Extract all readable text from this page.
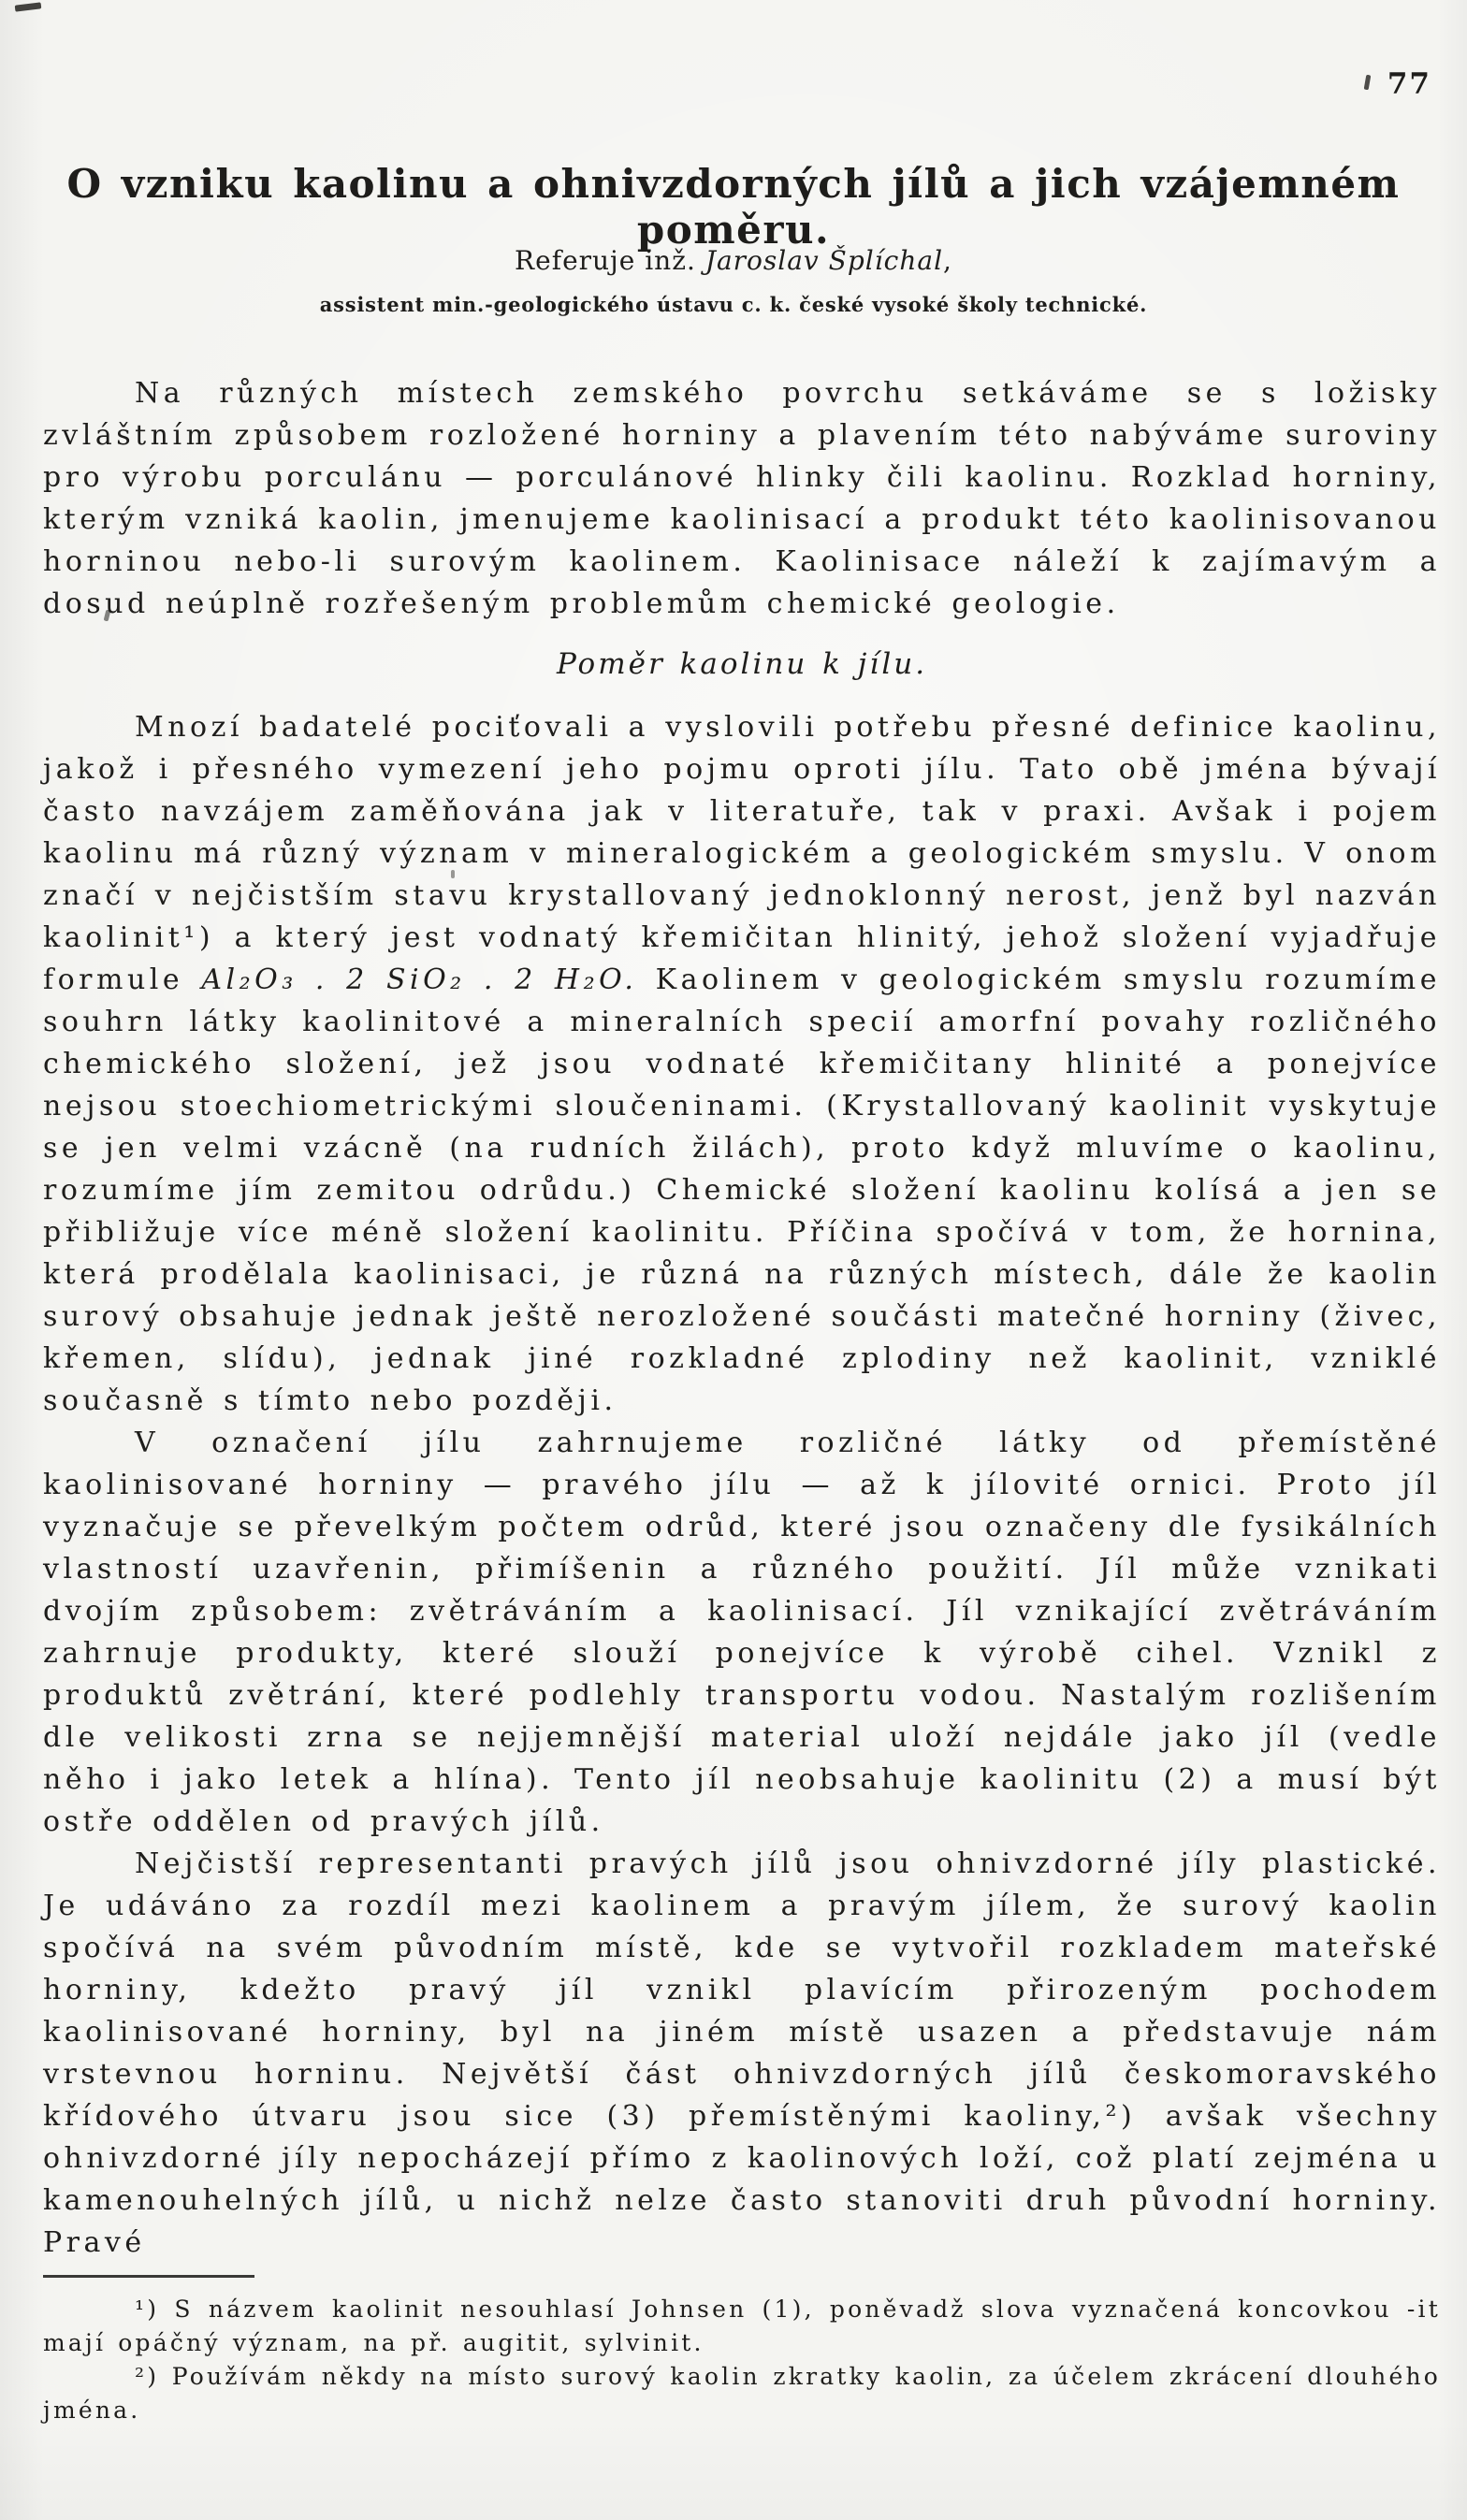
77
O vzniku kaolinu a ohnivzdorných jílů a jich vzájemném poměru.
Referuje inž. Jaroslav Šplíchal,
assistent min.-geologického ústavu c. k. české vysoké školy technické.

Na různých místech zemského povrchu setkáváme se s ložisky zvláštním způsobem rozložené horniny a plavením této nabýváme suroviny pro výrobu porculánu — porculánové hlinky čili kaolinu. Rozklad horniny, kterým vzniká kaolin, jmenujeme kaolinisací a produkt této kaolinisovanou horninou nebo-li surovým kaolinem. Kaolinisace náleží k zajímavým a dosud neúplně rozřešeným problemům chemické geologie.

Poměr kaolinu k jílu.

Mnozí badatelé pociťovali a vyslovili potřebu přesné definice kaolinu, jakož i přesného vymezení jeho pojmu oproti jílu. Tato obě jména bývají často navzájem zaměňována jak v literatuře, tak v praxi. Avšak i pojem kaolinu má různý význam v mineralogickém a geologickém smyslu. V onom značí v nejčistším stavu krystallovaný jednoklonný nerost, jenž byl nazván kaolinit¹) a který jest vodnatý křemičitan hlinitý, jehož složení vyjadřuje formule Al₂O₃ . 2 SiO₂ . 2 H₂O. Kaolinem v geologickém smyslu rozumíme souhrn látky kaolinitové a mineralních specií amorfní povahy rozličného chemického složení, jež jsou vodnaté křemičitany hlinité a ponejvíce nejsou stoechiometrickými sloučeninami. (Krystallovaný kaolinit vyskytuje se jen velmi vzácně (na rudních žilách), proto když mluvíme o kaolinu, rozumíme jím zemitou odrůdu.) Chemické složení kaolinu kolísá a jen se přibližuje více méně složení kaolinitu. Příčina spočívá v tom, že hornina, která prodělala kaolinisaci, je různá na různých místech, dále že kaolin surový obsahuje jednak ještě nerozložené součásti matečné horniny (živec, křemen, slídu), jednak jiné rozkladné zplodiny než kaolinit, vzniklé současně s tímto nebo později.

V označení jílu zahrnujeme rozličné látky od přemístěné kaolinisované horniny — pravého jílu — až k jílovité ornici. Proto jíl vyznačuje se převelkým počtem odrůd, které jsou označeny dle fysikálních vlastností uzavřenin, přimíšenin a různého použití. Jíl může vznikati dvojím způsobem: zvětráváním a kaolinisací. Jíl vznikající zvětráváním zahrnuje produkty, které slouží ponejvíce k výrobě cihel. Vznikl z produktů zvětrání, které podlehly transportu vodou. Nastalým rozlišením dle velikosti zrna se nejjemnější material uloží nejdále jako jíl (vedle něho i jako letek a hlína). Tento jíl neobsahuje kaolinitu (2) a musí být ostře oddělen od pravých jílů.

Nejčistší representanti pravých jílů jsou ohnivzdorné jíly plastické. Je udáváno za rozdíl mezi kaolinem a pravým jílem, že surový kaolin spočívá na svém původním místě, kde se vytvořil rozkladem mateřské horniny, kdežto pravý jíl vznikl plavícím přirozeným pochodem kaolinisované horniny, byl na jiném místě usazen a představuje nám vrstevnou horninu. Největší část ohnivzdorných jílů českomoravského křídového útvaru jsou sice (3) přemístěnými kaoliny,²) avšak všechny ohnivzdorné jíly nepocházejí přímo z kaolinových loží, což platí zejména u kamenouhelných jílů, u nichž nelze často stanoviti druh původní horniny. Pravé

¹) S názvem kaolinit nesouhlasí Johnsen (1), poněvadž slova vyznačená koncovkou -it mají opáčný význam, na př. augitit, sylvinit.

²) Používám někdy na místo surový kaolin zkratky kaolin, za účelem zkrácení dlouhého jména.
